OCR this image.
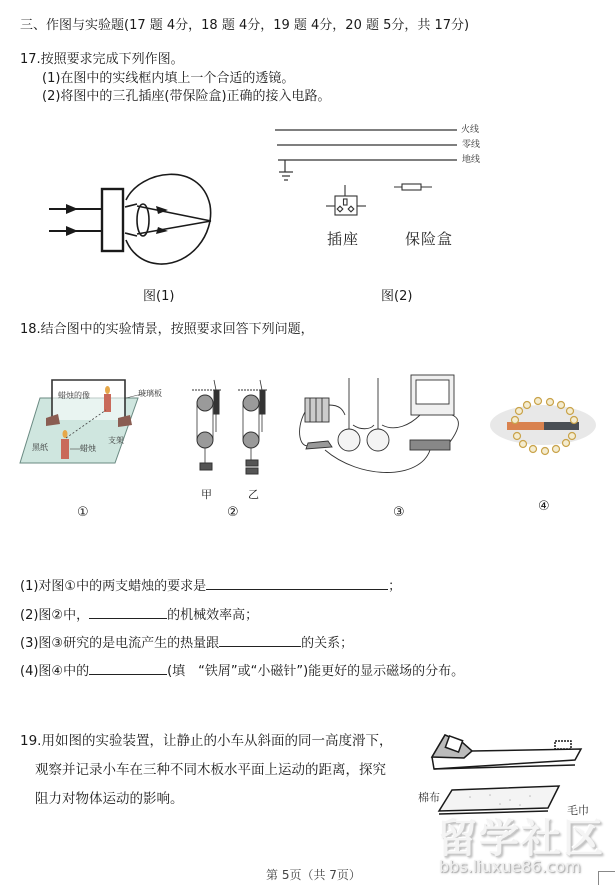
三、作图与实验题(17 题 4分，18 题 4分，19 题 4分，20 题 5分，共 17分)
17.按照要求完成下列作图。
(1)在图中的实线框内填上一个合适的透镜。
(2)将图中的三孔插座(带保险盒)正确的接入电路。
图(1)
火线
零线
地线
插座	保险盒
图(2)
18.结合图中的实验情景，按照要求回答下列问题，
蜡烛的像	玻璃板
黑纸
支架
蜡烛
①
甲	乙
②	③	④
(1)对图①中的两支蜡烛的要求是	；
(2)图②中，	的机械效率高；
(3)图③研究的是电流产生的热量跟	的关系；
(4)图④中的	(填　“铁屑”或“小磁针”)能更好的显示磁场的分布。
19.用如图的实验装置，让静止的小车从斜面的同一高度滑下，
观察并记录小车在三种不同木板水平面上运动的距离，探究
阻力对物体运动的影响。	棉布
毛巾
留学社区
bbs.liuxue86.com
第 5页（共 7页）
